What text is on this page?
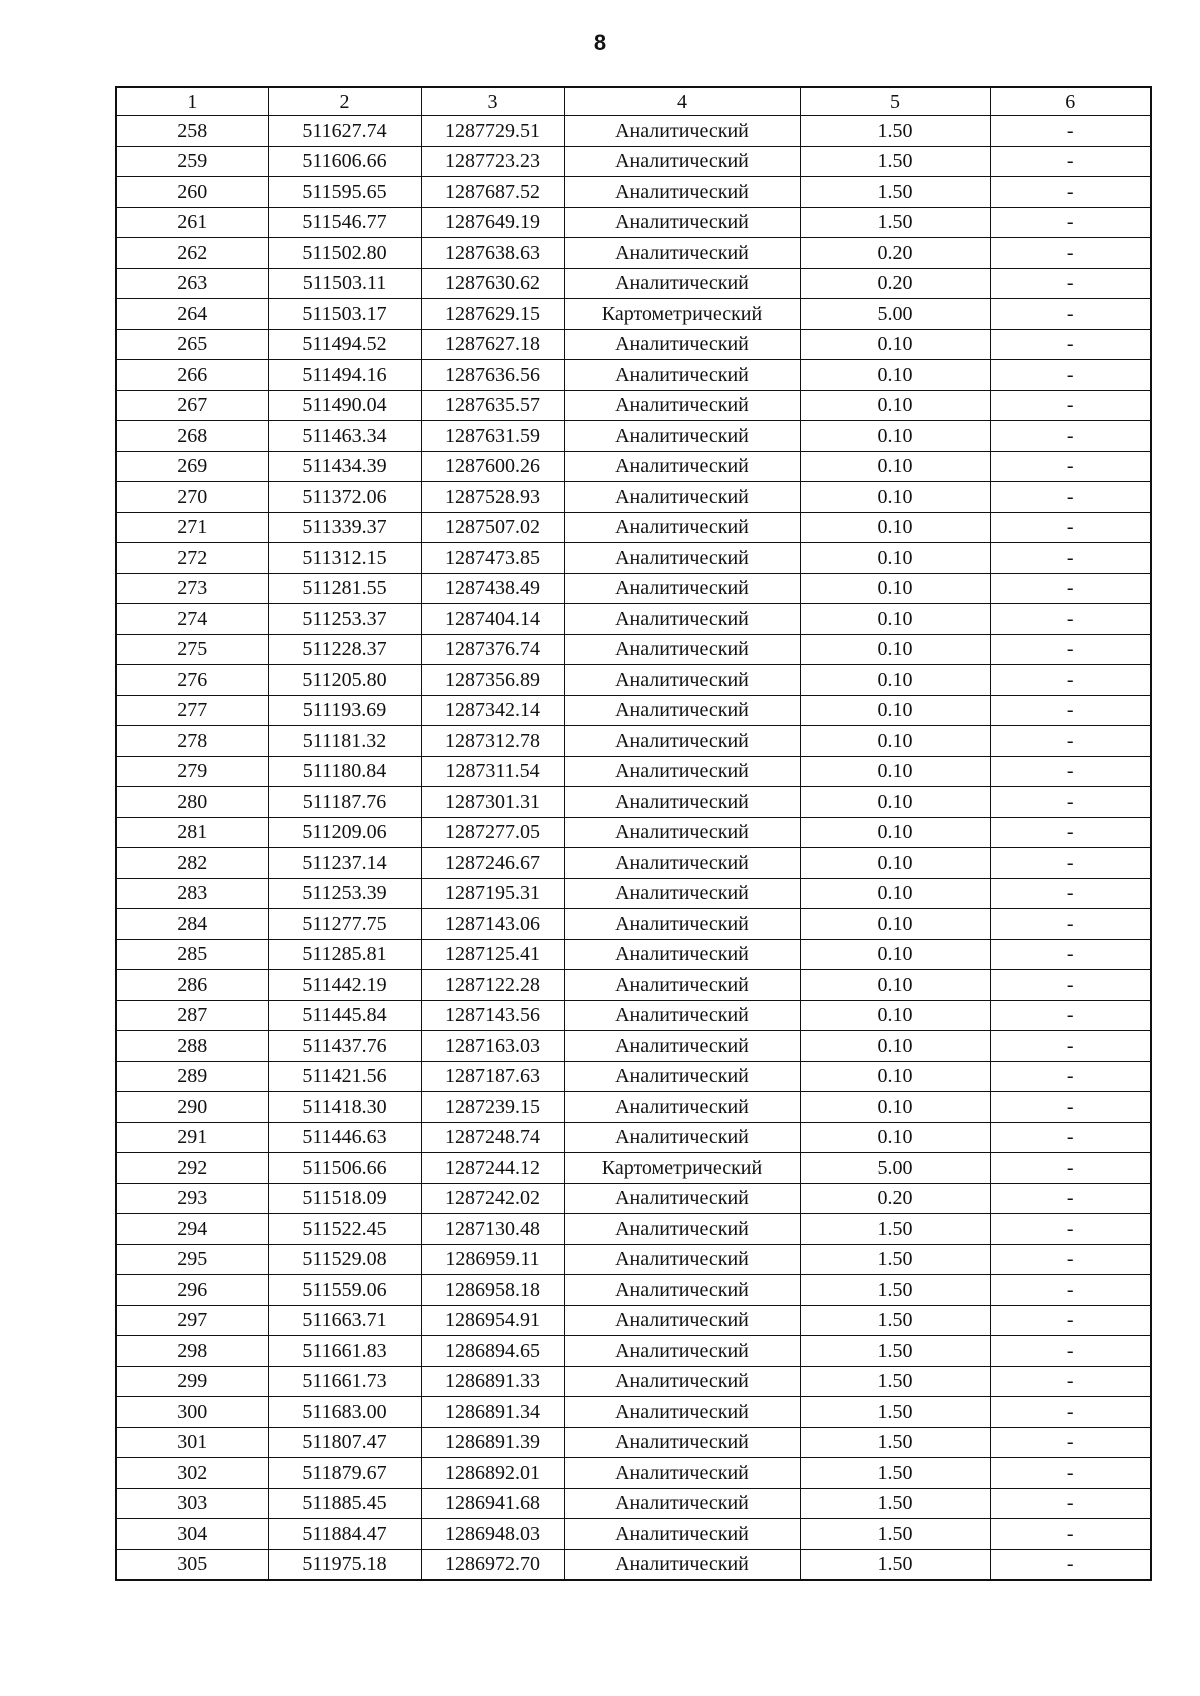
8
1	2	3	4	5	6
258	511627.74	1287729.51	Аналитический	1.50	-
259	511606.66	1287723.23	Аналитический	1.50	-
260	511595.65	1287687.52	Аналитический	1.50	-
261	511546.77	1287649.19	Аналитический	1.50	-
262	511502.80	1287638.63	Аналитический	0.20	-
263	511503.11	1287630.62	Аналитический	0.20	-
264	511503.17	1287629.15	Картометрический	5.00	-
265	511494.52	1287627.18	Аналитический	0.10	-
266	511494.16	1287636.56	Аналитический	0.10	-
267	511490.04	1287635.57	Аналитический	0.10	-
268	511463.34	1287631.59	Аналитический	0.10	-
269	511434.39	1287600.26	Аналитический	0.10	-
270	511372.06	1287528.93	Аналитический	0.10	-
271	511339.37	1287507.02	Аналитический	0.10	-
272	511312.15	1287473.85	Аналитический	0.10	-
273	511281.55	1287438.49	Аналитический	0.10	-
274	511253.37	1287404.14	Аналитический	0.10	-
275	511228.37	1287376.74	Аналитический	0.10	-
276	511205.80	1287356.89	Аналитический	0.10	-
277	511193.69	1287342.14	Аналитический	0.10	-
278	511181.32	1287312.78	Аналитический	0.10	-
279	511180.84	1287311.54	Аналитический	0.10	-
280	511187.76	1287301.31	Аналитический	0.10	-
281	511209.06	1287277.05	Аналитический	0.10	-
282	511237.14	1287246.67	Аналитический	0.10	-
283	511253.39	1287195.31	Аналитический	0.10	-
284	511277.75	1287143.06	Аналитический	0.10	-
285	511285.81	1287125.41	Аналитический	0.10	-
286	511442.19	1287122.28	Аналитический	0.10	-
287	511445.84	1287143.56	Аналитический	0.10	-
288	511437.76	1287163.03	Аналитический	0.10	-
289	511421.56	1287187.63	Аналитический	0.10	-
290	511418.30	1287239.15	Аналитический	0.10	-
291	511446.63	1287248.74	Аналитический	0.10	-
292	511506.66	1287244.12	Картометрический	5.00	-
293	511518.09	1287242.02	Аналитический	0.20	-
294	511522.45	1287130.48	Аналитический	1.50	-
295	511529.08	1286959.11	Аналитический	1.50	-
296	511559.06	1286958.18	Аналитический	1.50	-
297	511663.71	1286954.91	Аналитический	1.50	-
298	511661.83	1286894.65	Аналитический	1.50	-
299	511661.73	1286891.33	Аналитический	1.50	-
300	511683.00	1286891.34	Аналитический	1.50	-
301	511807.47	1286891.39	Аналитический	1.50	-
302	511879.67	1286892.01	Аналитический	1.50	-
303	511885.45	1286941.68	Аналитический	1.50	-
304	511884.47	1286948.03	Аналитический	1.50	-
305	511975.18	1286972.70	Аналитический	1.50	-
